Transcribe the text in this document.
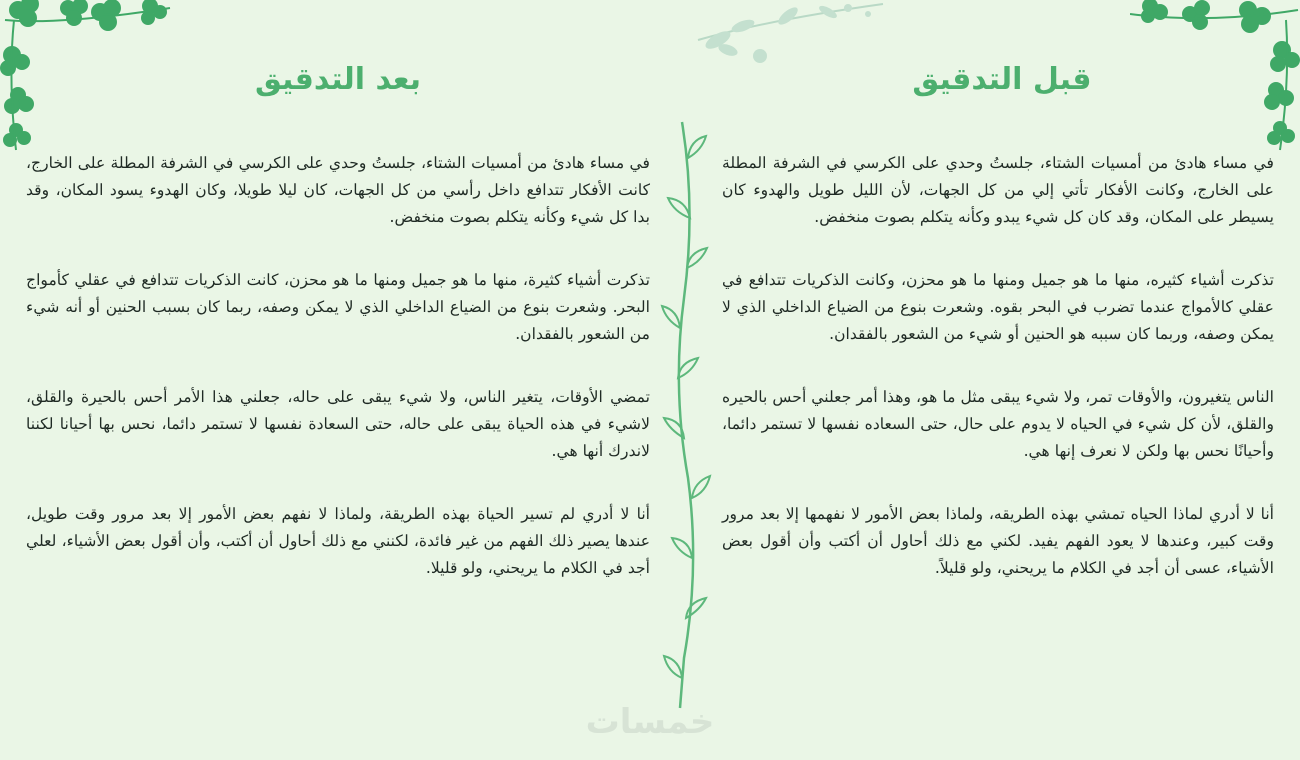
قبل التدقيق
بعد التدقيق

في مساء هادئ من أمسيات الشتاء، جلستُ وحدي على الكرسي في الشرفة المطلة على الخارج، وكانت الأفكار تأتي إلي من كل الجهات، لأن الليل طويل والهدوء كان يسيطر على المكان، وقد كان كل شيء يبدو وكأنه يتكلم بصوت منخفض.

تذكرت أشياء كثيره، منها ما هو جميل ومنها ما هو محزن، وكانت الذكريات تتدافع في عقلي كالأمواج عندما تضرب في البحر بقوه. وشعرت بنوع من الضياع الداخلي الذي لا يمكن وصفه، وربما كان سببه هو الحنين أو شيء من الشعور بالفقدان.

الناس يتغيرون، والأوقات تمر، ولا شيء يبقى مثل ما هو، وهذا أمر جعلني أحس بالحيره والقلق، لأن كل شيء في الحياه لا يدوم على حال، حتى السعاده نفسها لا تستمر دائما، وأحيانًا نحس بها ولكن لا نعرف إنها هي.

أنا لا أدري لماذا الحياه تمشي بهذه الطريقه، ولماذا بعض الأمور لا نفهمها إلا بعد مرور وقت كبير، وعندها لا يعود الفهم يفيد. لكني مع ذلك أحاول أن أكتب وأن أقول بعض الأشياء، عسى أن أجد في الكلام ما يريحني، ولو قليلاً.

في مساء هادئ من أمسيات الشتاء، جلستُ وحدي على الكرسي في الشرفة المطلة على الخارج، كانت الأفكار تتدافع داخل رأسي من كل الجهات، كان ليلا طويلا، وكان الهدوء يسود المكان، وقد بدا كل شيء وكأنه يتكلم بصوت منخفض.

تذكرت أشياء كثيرة، منها ما هو جميل ومنها ما هو محزن، كانت الذكريات تتدافع في عقلي كأمواج البحر. وشعرت بنوع من الضياع الداخلي الذي لا يمكن وصفه، ربما كان بسبب الحنين أو أنه شيء من الشعور بالفقدان.

تمضي الأوقات، يتغير الناس، ولا شيء يبقى على حاله، جعلني هذا الأمر أحس بالحيرة والقلق، لاشيء في هذه الحياة يبقى على حاله، حتى السعادة نفسها لا تستمر دائما، نحس بها أحيانا لكننا لاندرك أنها هي.

أنا لا أدري لم تسير الحياة بهذه الطريقة، ولماذا لا نفهم بعض الأمور إلا بعد مرور وقت طويل، عندها يصير ذلك الفهم من غير فائدة، لكنني مع ذلك أحاول أن أكتب، وأن أقول بعض الأشياء، لعلي أجد في الكلام ما يريحني، ولو قليلا.

خمسات
